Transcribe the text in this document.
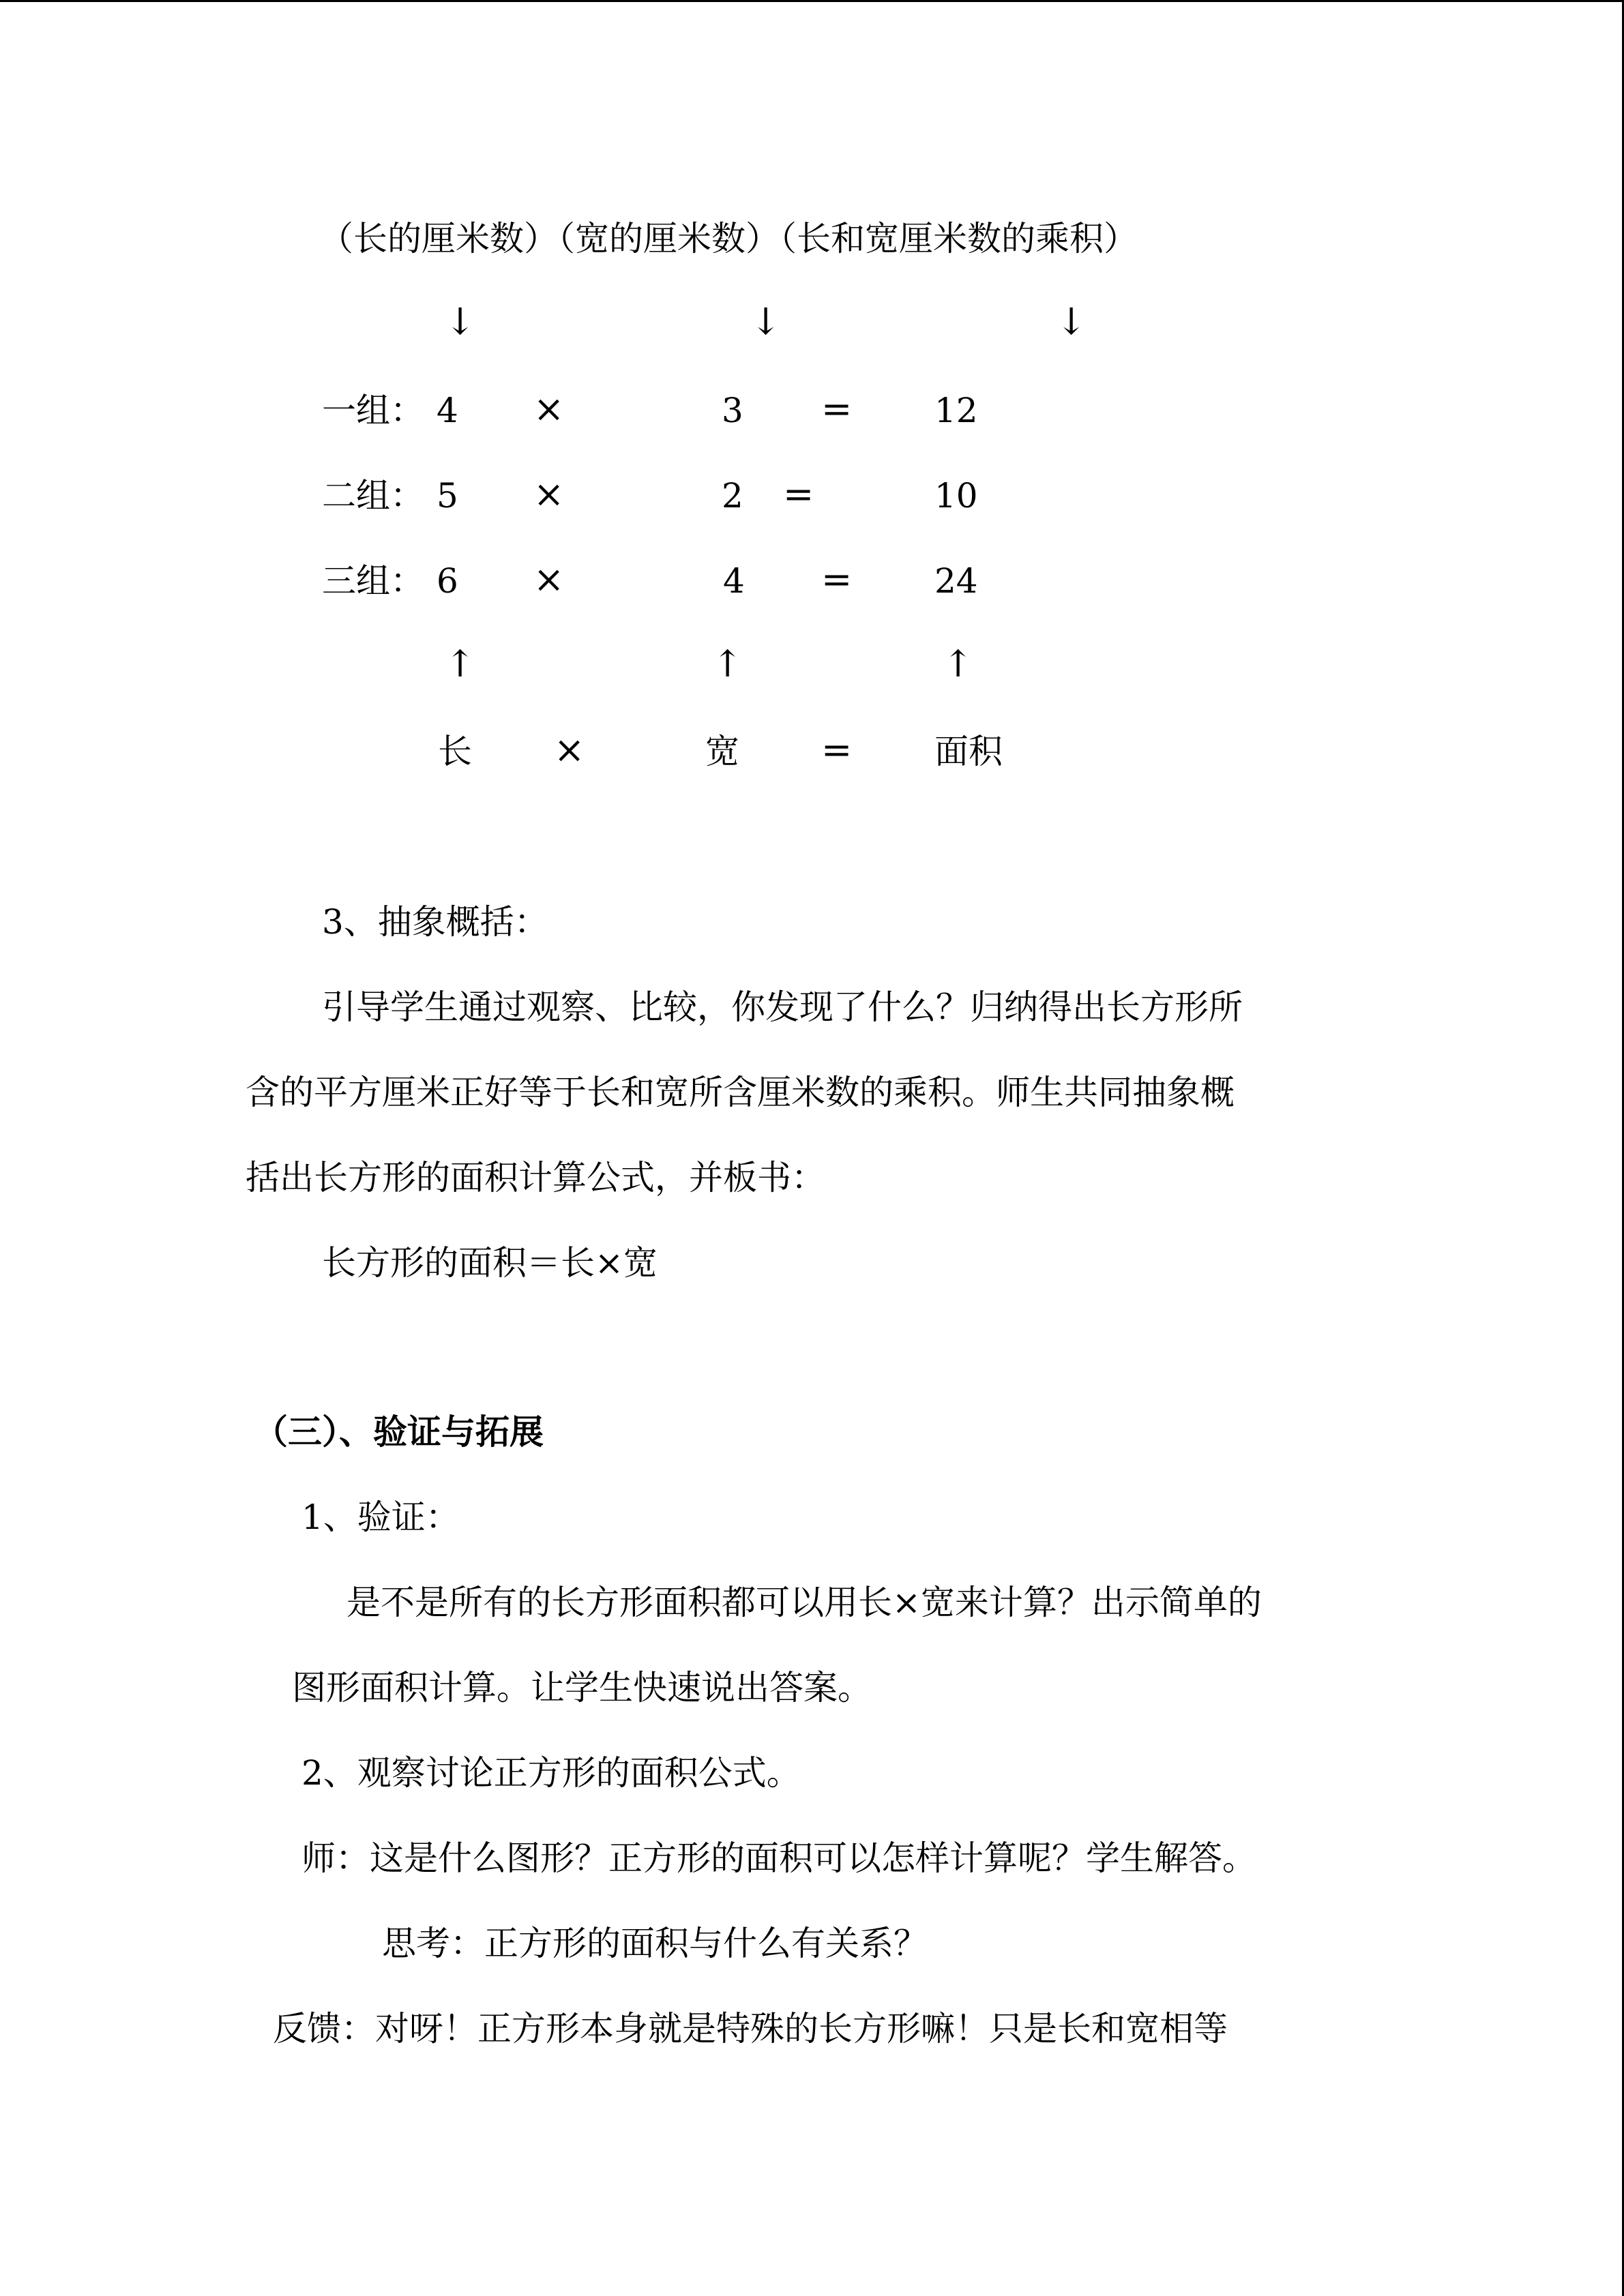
（长的厘米数）（宽的厘米数）（长和宽厘米数的乘积）
↓	↓	↓
一组： 4 ×	3 = 12
二组： 5 ×	2 =	10
三组： 6 ×	4 = 24
↑	↑	↑
长 ×	宽 = 面积
3、抽象概括：
引导学生通过观察、比较，你发现了什么？归纳得出长方形所
含的平方厘米正好等于长和宽所含厘米数的乘积。师生共同抽象概
括出长方形的面积计算公式，并板书：
长方形的面积＝长×宽
（三）、验证与拓展
1、验证：
是不是所有的长方形面积都可以用长×宽来计算？出示简单的
图形面积计算。让学生快速说出答案。
2、观察讨论正方形的面积公式。
师：这是什么图形？正方形的面积可以怎样计算呢？学生解答。
思考：正方形的面积与什么有关系？
反馈：对呀！正方形本身就是特殊的长方形嘛！只是长和宽相等
